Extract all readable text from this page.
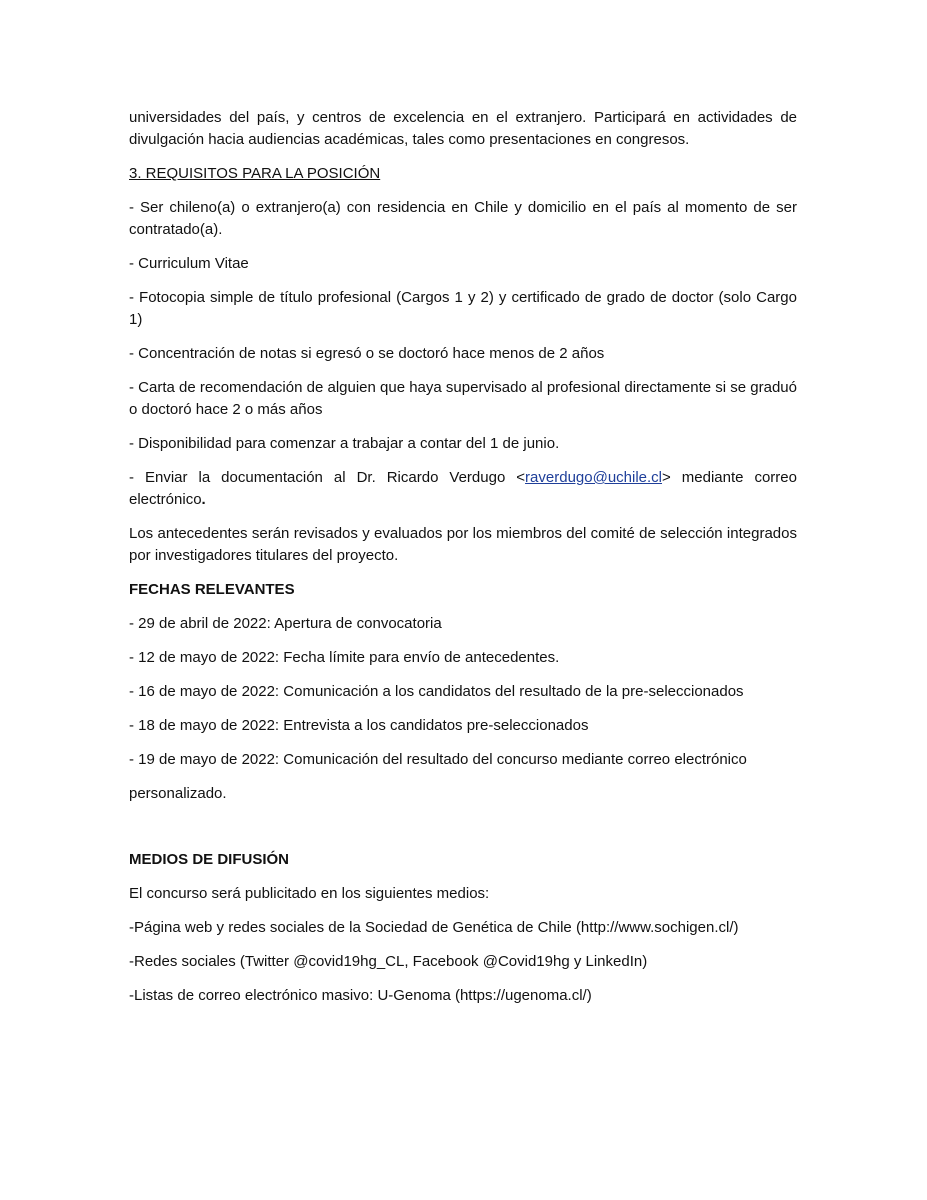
universidades del país, y centros de excelencia en el extranjero. Participará en actividades de divulgación hacia audiencias académicas, tales como presentaciones en congresos.

3. REQUISITOS PARA LA POSICIÓN

- Ser chileno(a) o extranjero(a) con residencia en Chile y domicilio en el país al momento de ser contratado(a).

- Curriculum Vitae

- Fotocopia simple de título profesional (Cargos 1 y 2) y certificado de grado de doctor (solo Cargo 1)

- Concentración de notas si egresó o se doctoró hace menos de 2 años

- Carta de recomendación de alguien que haya supervisado al profesional directamente si se graduó o doctoró hace 2 o más años

- Disponibilidad para comenzar a trabajar a contar del 1 de junio.

- Enviar la documentación al Dr. Ricardo Verdugo <raverdugo@uchile.cl> mediante correo electrónico.

Los antecedentes serán revisados y evaluados por los miembros del comité de selección integrados por investigadores titulares del proyecto.

FECHAS RELEVANTES

- 29 de abril de 2022: Apertura de convocatoria

- 12 de mayo de 2022: Fecha límite para envío de antecedentes.

- 16 de mayo de 2022: Comunicación a los candidatos del resultado de la pre-seleccionados

- 18 de mayo de 2022: Entrevista a los candidatos pre-seleccionados

- 19 de mayo de 2022: Comunicación del resultado del concurso mediante correo electrónico

personalizado.

MEDIOS DE DIFUSIÓN

El concurso será publicitado en los siguientes medios:

-Página web y redes sociales de la Sociedad de Genética de Chile (http://www.sochigen.cl/)

-Redes sociales (Twitter @covid19hg_CL, Facebook @Covid19hg y LinkedIn)

-Listas de correo electrónico masivo: U-Genoma (https://ugenoma.cl/)
